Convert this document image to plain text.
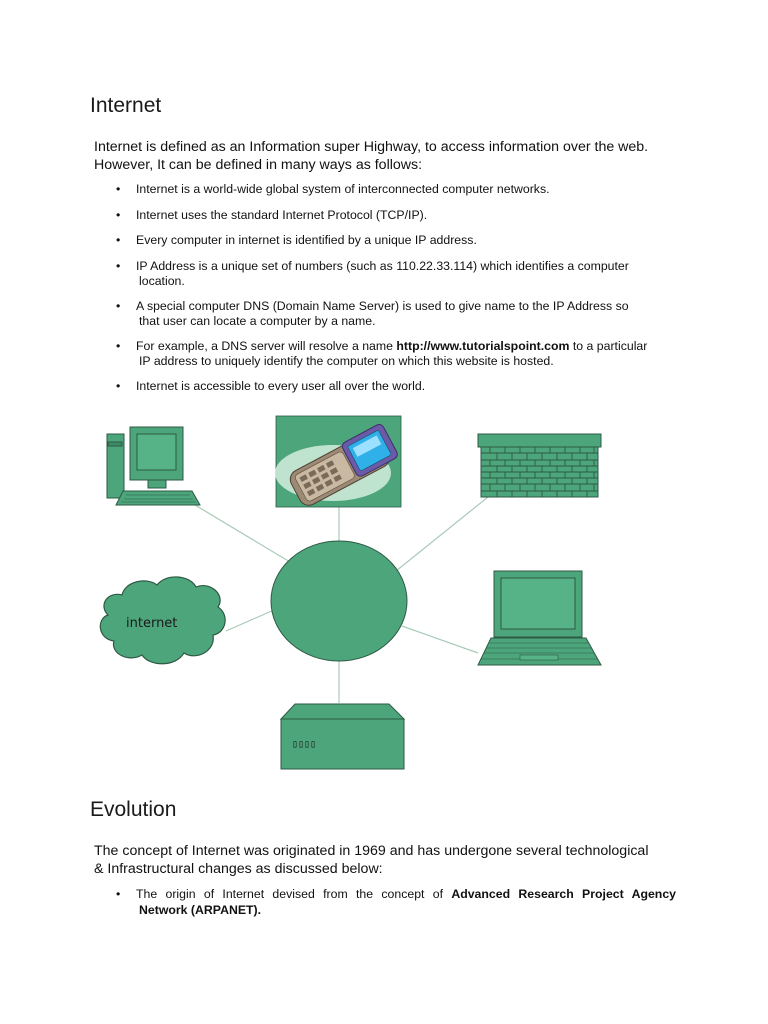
Internet

Internet is defined as an Information super Highway, to access information over the web.
However, It can be defined in many ways as follows:

• Internet is a world-wide global system of interconnected computer networks.
• Internet uses the standard Internet Protocol (TCP/IP).
• Every computer in internet is identified by a unique IP address.
• IP Address is a unique set of numbers (such as 110.22.33.114) which identifies a computer
location.
• A special computer DNS (Domain Name Server) is used to give name to the IP Address so
that user can locate a computer by a name.
• For example, a DNS server will resolve a name http://www.tutorialspoint.com to a particular
IP address to uniquely identify the computer on which this website is hosted.
• Internet is accessible to every user all over the world.
internet
▯▯▯▯
Evolution

The concept of Internet was originated in 1969 and has undergone several technological
& Infrastructural changes as discussed below:

• The origin of Internet devised from the concept of Advanced Research Project Agency
Network (ARPANET).
